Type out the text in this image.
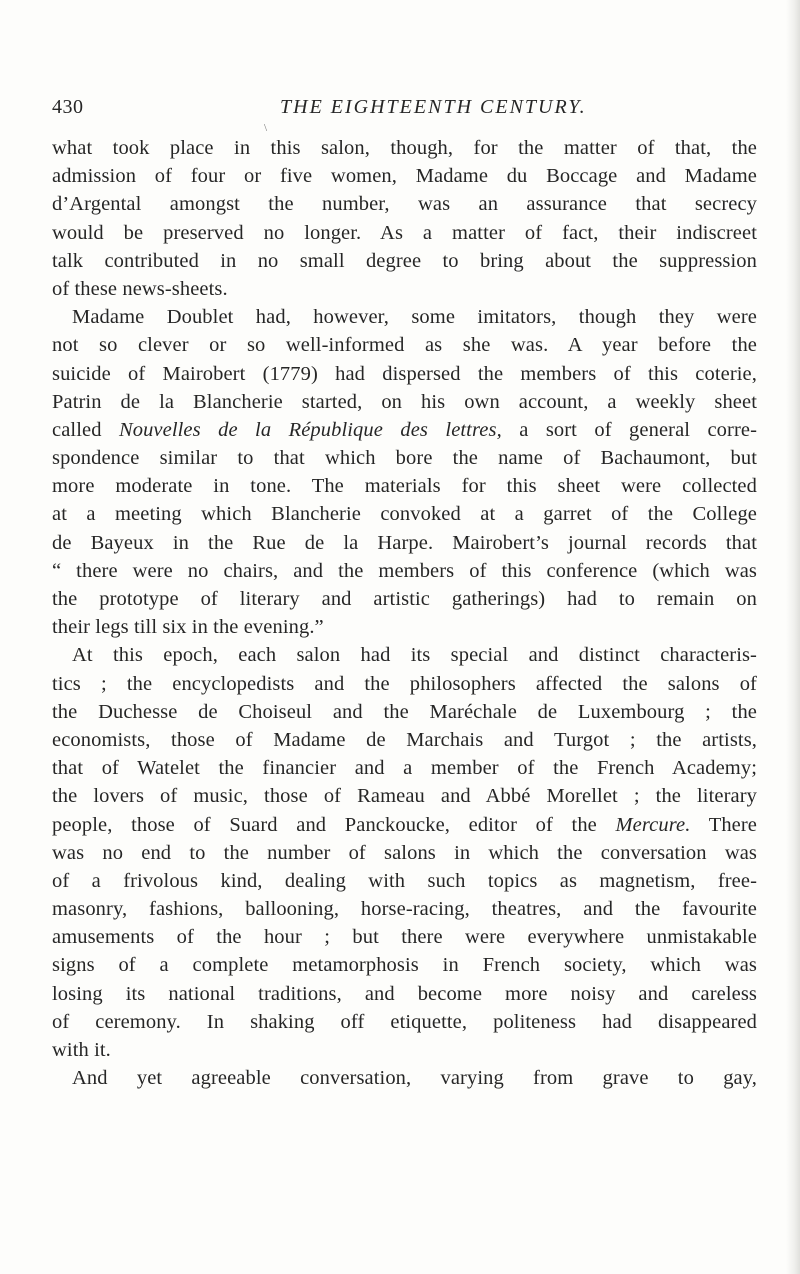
430	THE EIGHTEENTH CENTURY.
\
what took place in this salon, though, for the matter of that, the
admission of four or five women, Madame du Boccage and Madame
d’Argental amongst the number, was an assurance that secrecy
would be preserved no longer. As a matter of fact, their indiscreet
talk contributed in no small degree to bring about the suppression
of these news-sheets.
Madame Doublet had, however, some imitators, though they were
not so clever or so well-informed as she was. A year before the
suicide of Mairobert (1779) had dispersed the members of this coterie,
Patrin de la Blancherie started, on his own account, a weekly sheet
called Nouvelles de la République des lettres, a sort of general corre-
spondence similar to that which bore the name of Bachaumont, but
more moderate in tone. The materials for this sheet were collected
at a meeting which Blancherie convoked at a garret of the College
de Bayeux in the Rue de la Harpe. Mairobert’s journal records that
“ there were no chairs, and the members of this conference (which was
the prototype of literary and artistic gatherings) had to remain on
their legs till six in the evening.”
At this epoch, each salon had its special and distinct characteris-
tics ; the encyclopedists and the philosophers affected the salons of
the Duchesse de Choiseul and the Maréchale de Luxembourg ; the
economists, those of Madame de Marchais and Turgot ; the artists,
that of Watelet the financier and a member of the French Academy;
the lovers of music, those of Rameau and Abbé Morellet ; the literary
people, those of Suard and Panckoucke, editor of the Mercure. There
was no end to the number of salons in which the conversation was
of a frivolous kind, dealing with such topics as magnetism, free-
masonry, fashions, ballooning, horse-racing, theatres, and the favourite
amusements of the hour ; but there were everywhere unmistakable
signs of a complete metamorphosis in French society, which was
losing its national traditions, and become more noisy and careless
of ceremony. In shaking off etiquette, politeness had disappeared
with it.
And yet agreeable conversation, varying from grave to gay,
